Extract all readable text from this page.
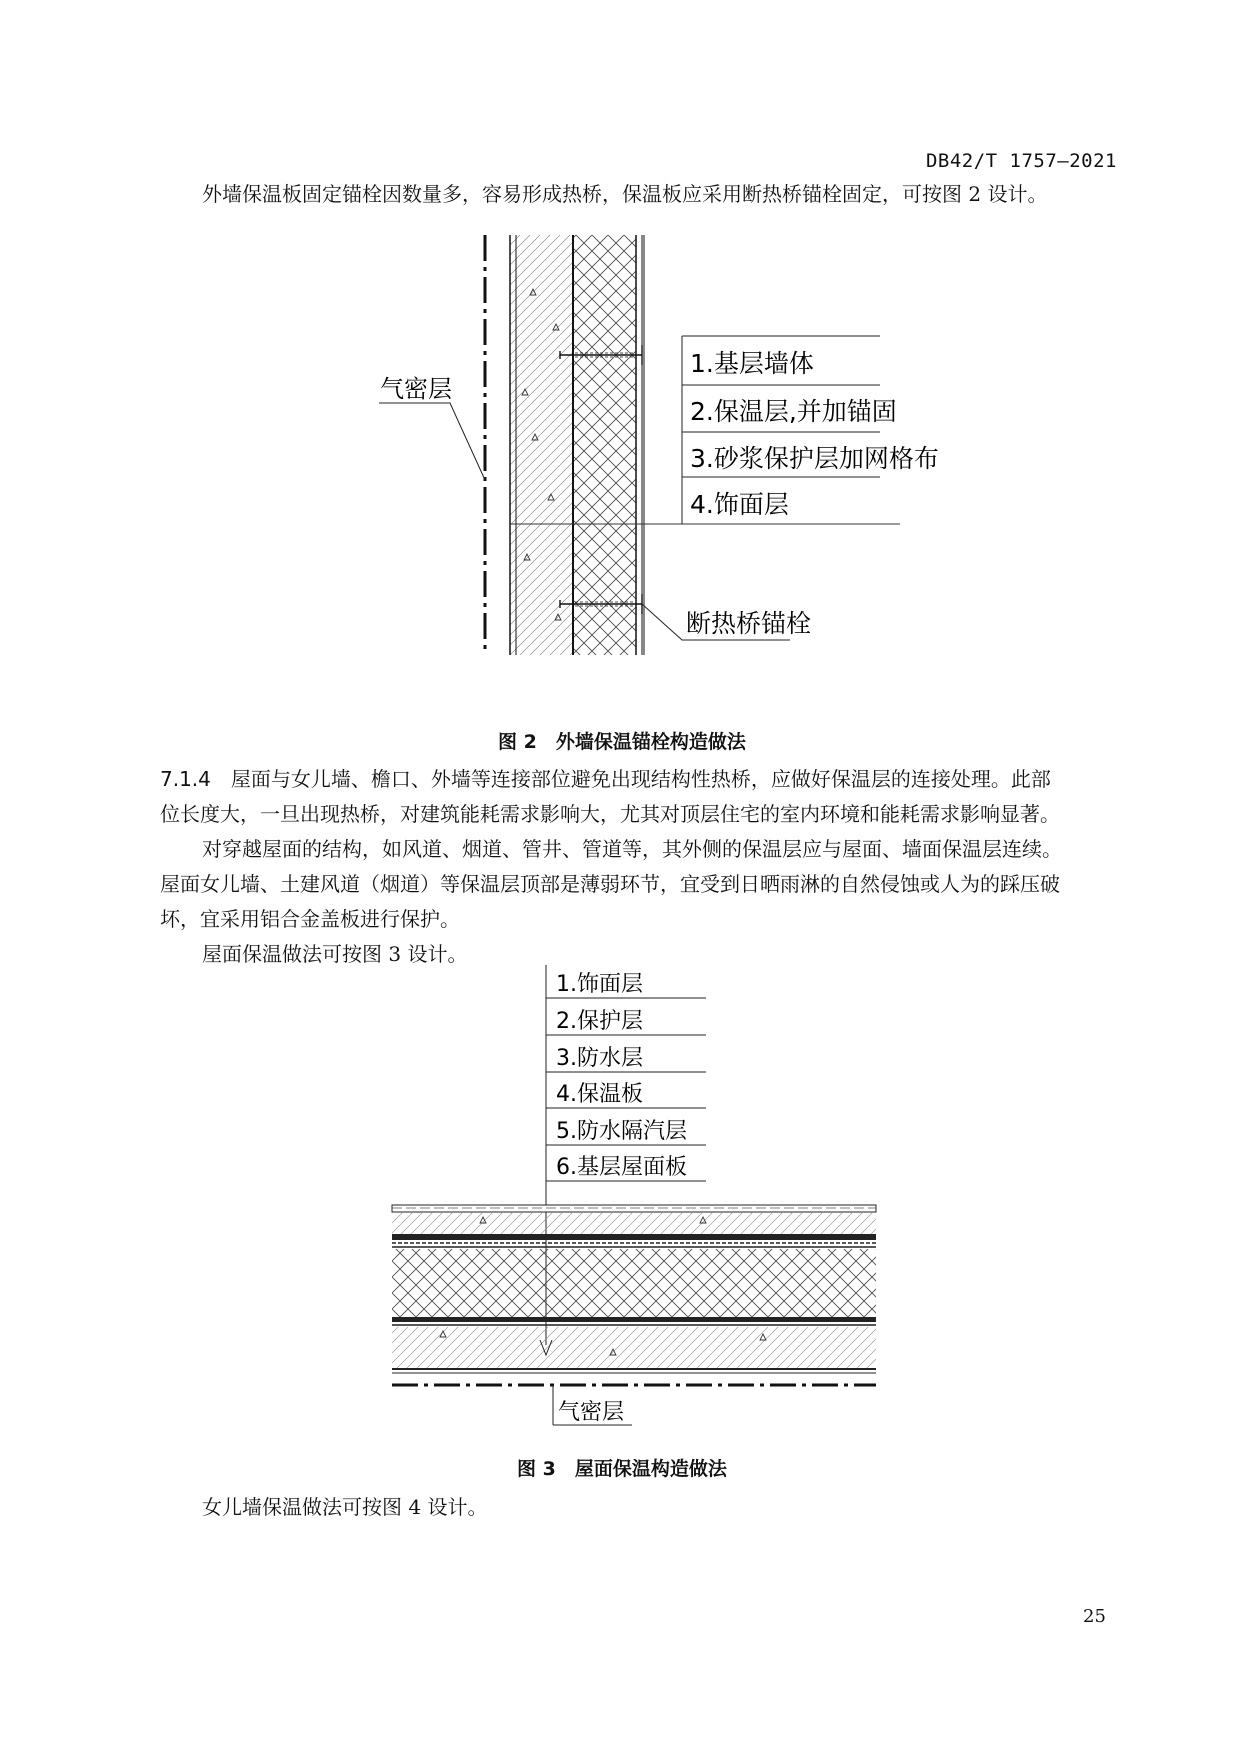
DB42/T 1757—2021
外墙保温板固定锚栓因数量多，容易形成热桥，保温板应采用断热桥锚栓固定，可按图 2 设计。
气密层
1.基层墙体
2.保温层,并加锚固
3.砂浆保护层加网格布
4.饰面层
断热桥锚栓
图 2　外墙保温锚栓构造做法
7.1.4　 屋面与女儿墙、檐口、外墙等连接部位避免出现结构性热桥，应做好保温层的连接处理。此部
位长度大，一旦出现热桥，对建筑能耗需求影响大，尤其对顶层住宅的室内环境和能耗需求影响显著。
对穿越屋面的结构，如风道、烟道、管井、管道等，其外侧的保温层应与屋面、墙面保温层连续。
屋面女儿墙、土建风道（烟道）等保温层顶部是薄弱环节，宜受到日晒雨淋的自然侵蚀或人为的踩压破
坏，宜采用铝合金盖板进行保护。
屋面保温做法可按图 3 设计。
1.饰面层
2.保护层
3.防水层
4.保温板
5.防水隔汽层
6.基层屋面板
气密层
图 3　屋面保温构造做法
女儿墙保温做法可按图 4 设计。
25
